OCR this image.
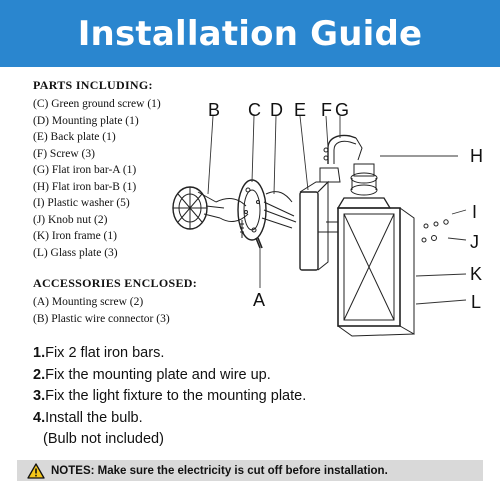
Installation Guide
PARTS INCLUDING:
(C) Green ground screw (1)
(D) Mounting plate (1)
(E) Back plate (1)
(F) Screw (3)
(G) Flat iron bar-A (1)
(H) Flat iron bar-B (1)
(I) Plastic washer (5)
(J) Knob nut (2)
(K) Iron frame (1)
(L) Glass plate (3)
ACCESSORIES ENCLOSED:
(A) Mounting screw (2)
(B) Plastic wire connector (3)
B C D E F G
H
I
J
K
L
A
1.Fix 2 flat iron bars.
2.Fix the mounting plate and wire up.
3.Fix the light fixture to the mounting plate.
4.Install the bulb.
(Bulb not included)
NOTES: Make sure the electricity is cut off before installation.
